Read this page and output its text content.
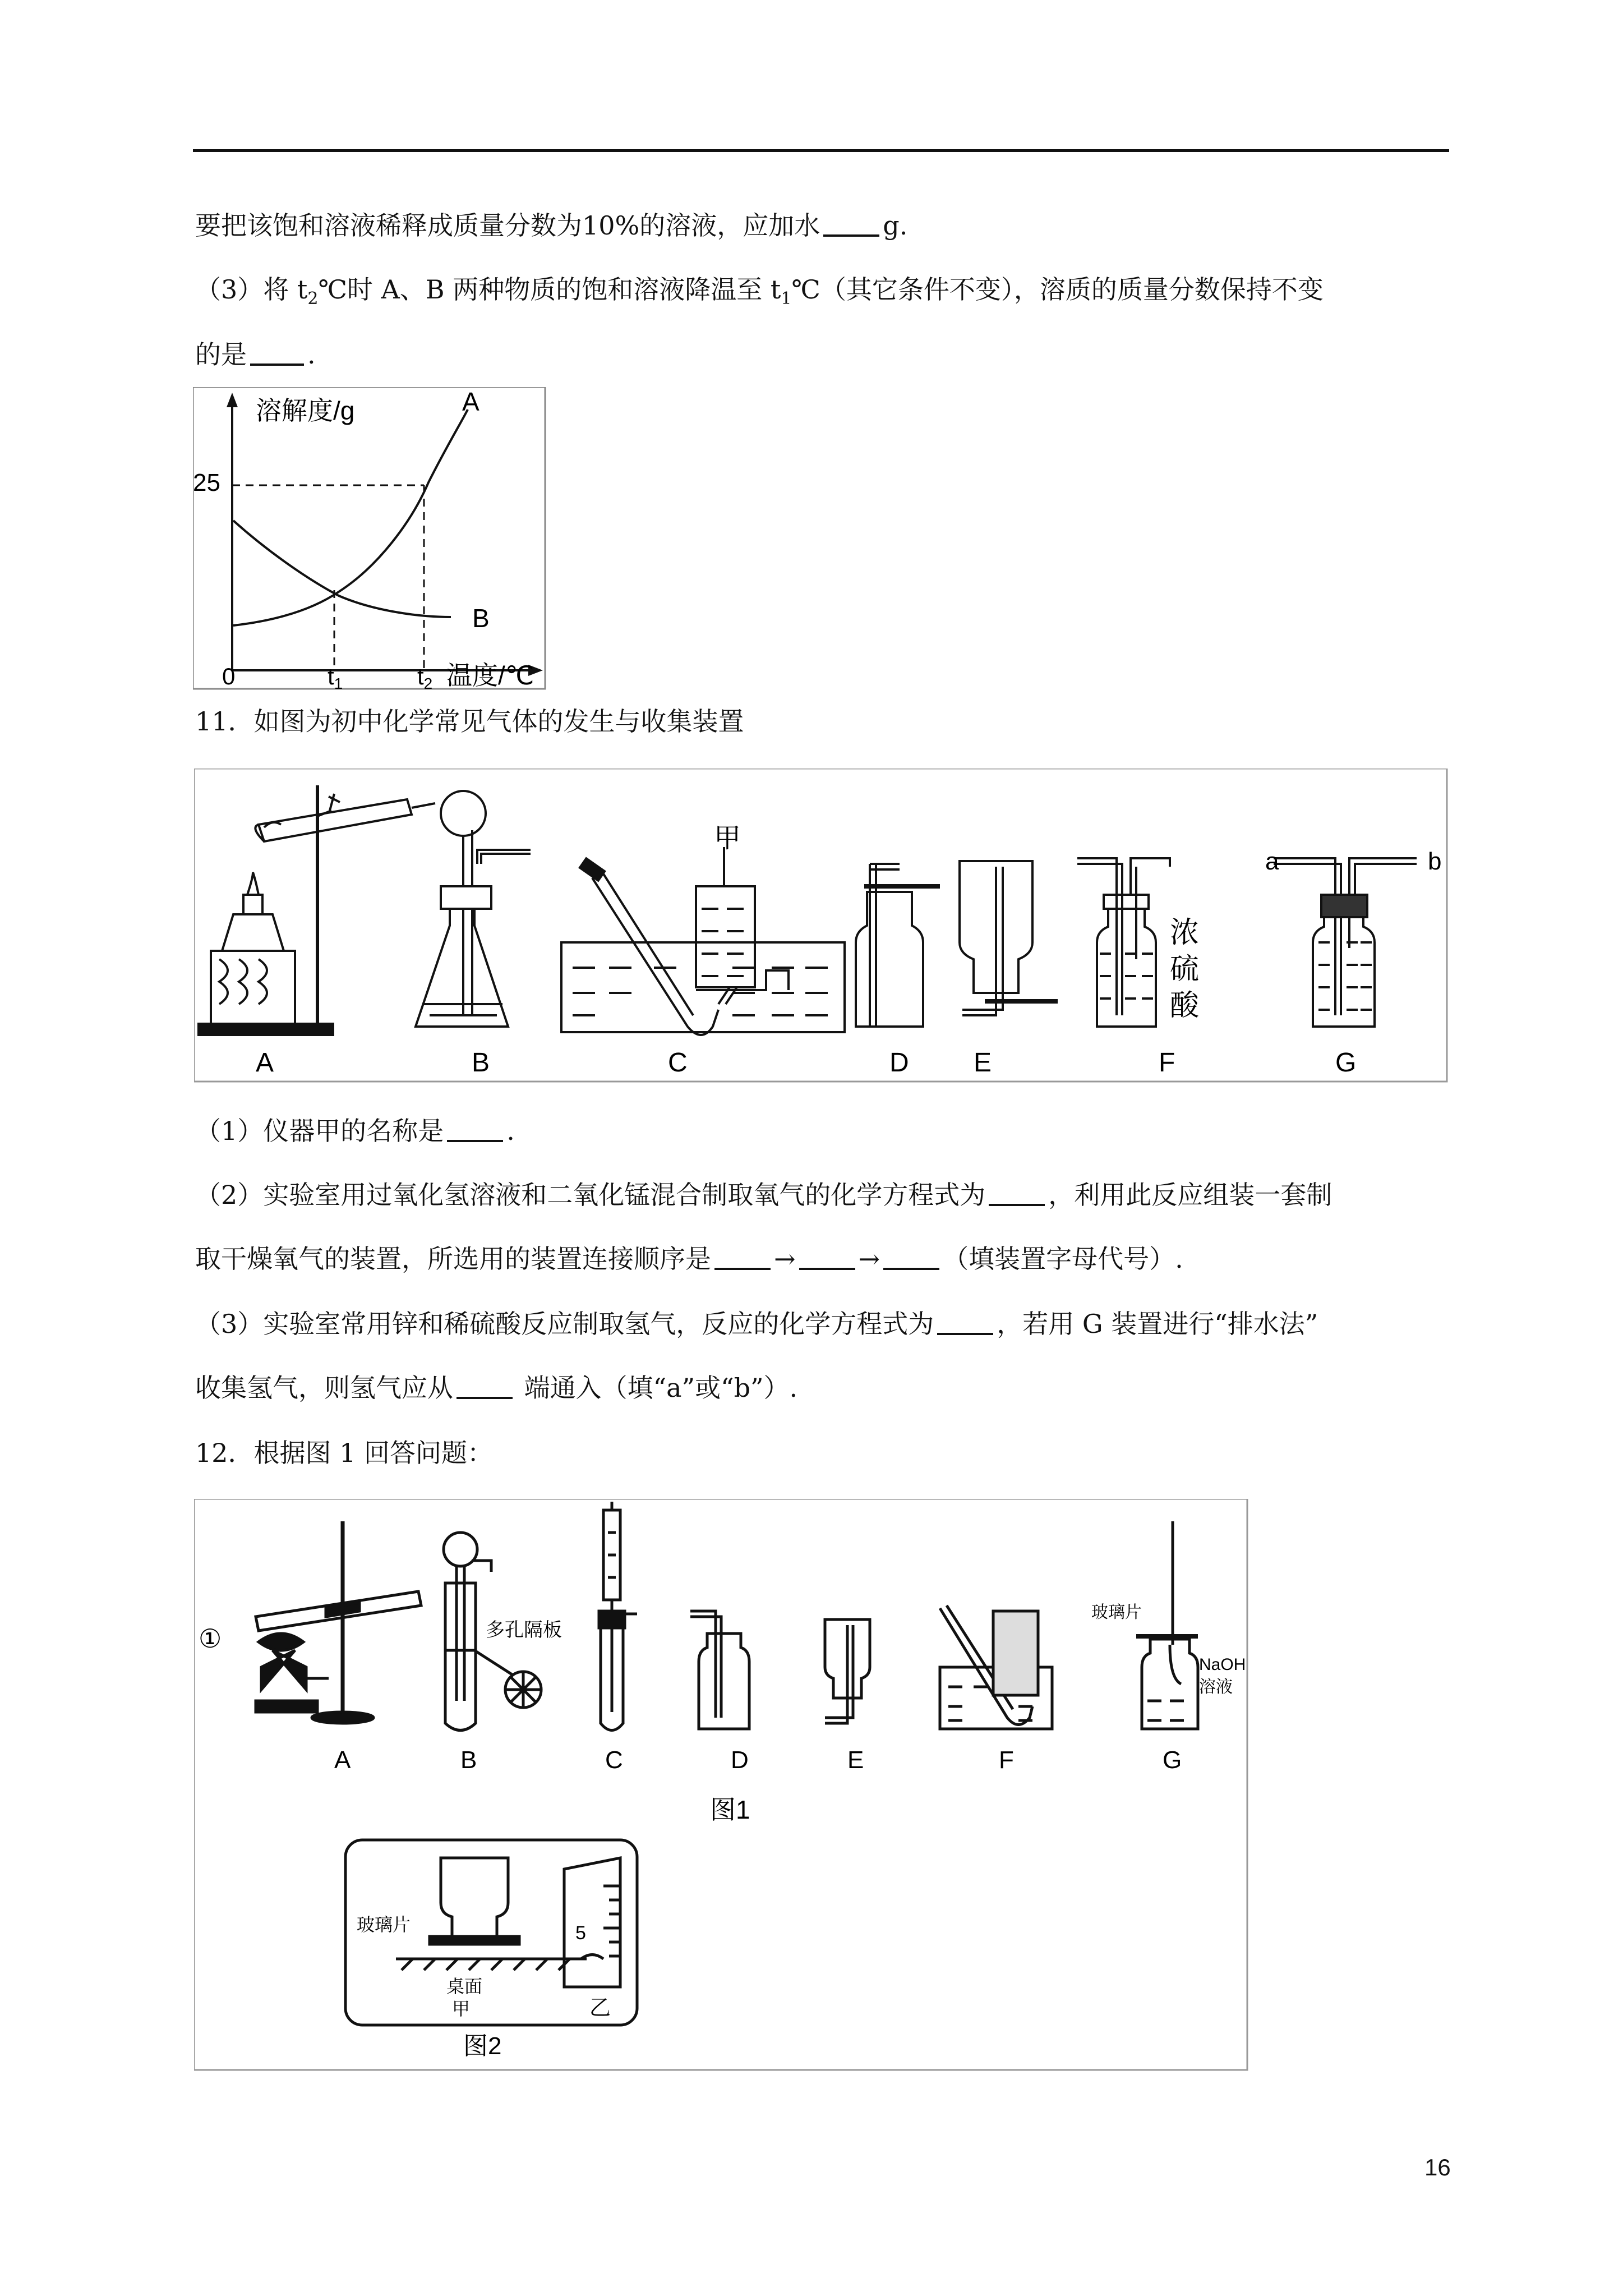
要把该饱和溶液稀释成质量分数为10%的溶液，应加水 g.
（3）将 $t_2℃$时 A、B 两种物质的饱和溶液降温至 $t_1℃$（其它条件不变），溶质的质量分数保持不变
的是 .
溶解度/g
25
A
B
0	t1	t2 温度/℃
11．如图为初中化学常见气体的发生与收集装置
甲
浓
硫
酸
a	b
A	B	C	D E	F	G
（1）仪器甲的名称是 .
（2）实验室用过氧化氢溶液和二氧化锰混合制取氧气的化学方程式为 ，利用此反应组装一套制
取干燥氧气的装置，所选用的装置连接顺序是 → → （填装置字母代号）.
（3）实验室常用锌和稀硫酸反应制取氢气，反应的化学方程式为 ，若用 G 装置进行“排水法”
收集氢气，则氢气应从 端通入（填“a”或“b”）.
12．根据图 1 回答问题：
①	多孔隔板
玻璃片
NaOH
溶液
A	B	C	D	E	F	G
图1
玻璃片
桌面
甲
5
乙
图2
16
